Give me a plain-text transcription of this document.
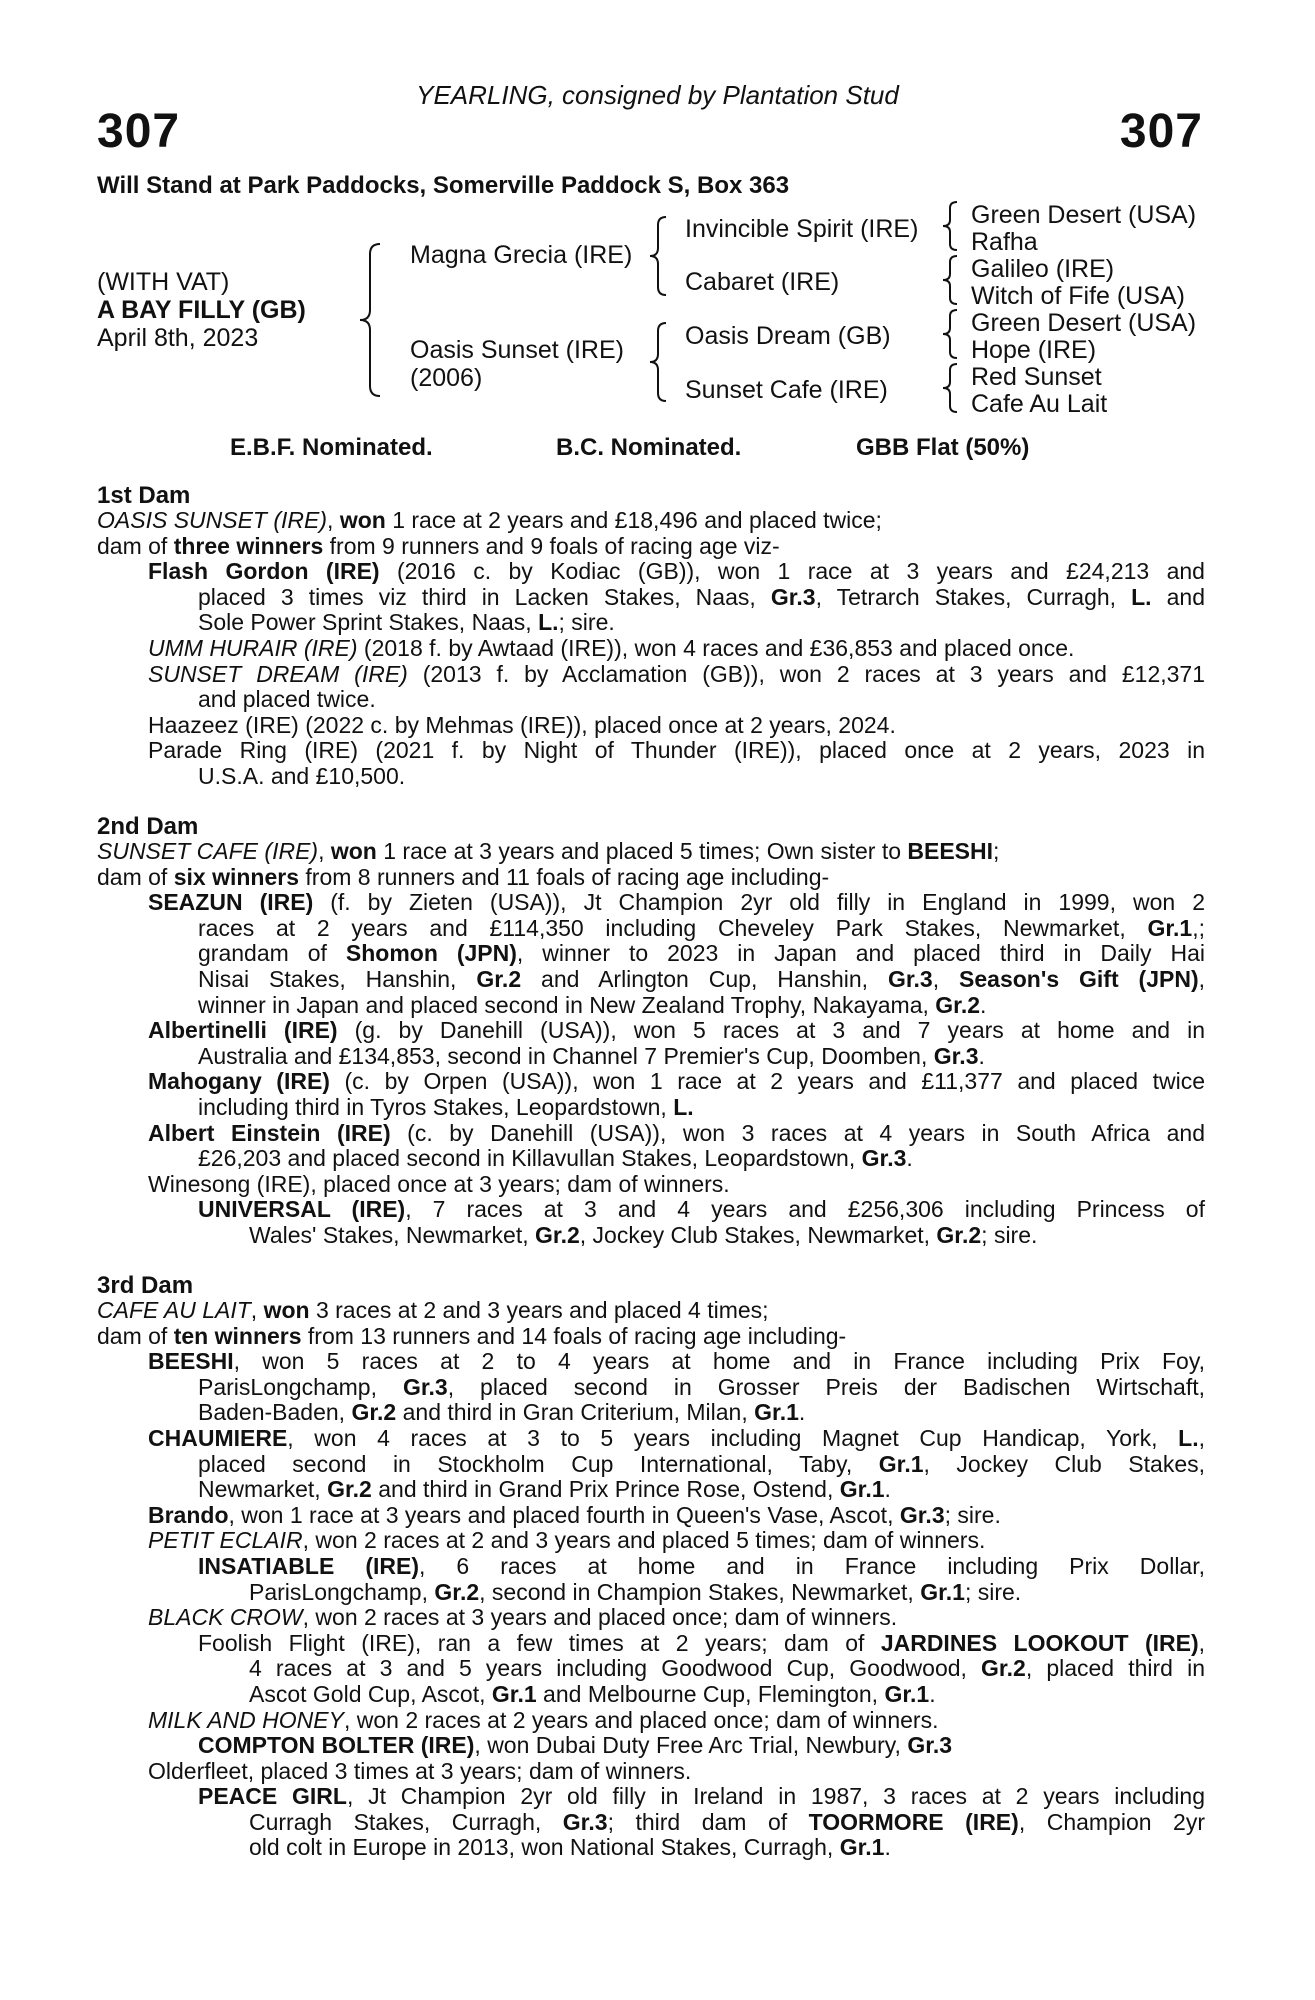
YEARLING, consigned by Plantation Stud
307	307
Will Stand at Park Paddocks, Somerville Paddock S, Box 363
(WITH VAT)
A BAY FILLY (GB)
April 8th, 2023
Magna Grecia (IRE)
Oasis Sunset (IRE)
(2006)
Invincible Spirit (IRE)
Cabaret (IRE)
Oasis Dream (GB)
Sunset Cafe (IRE)
Green Desert (USA)
Rafha
Galileo (IRE)
Witch of Fife (USA)
Green Desert (USA)
Hope (IRE)
Red Sunset
Cafe Au Lait
E.B.F. Nominated.	B.C. Nominated.	GBB Flat (50%)
1st Dam
OASIS SUNSET (IRE), won 1 race at 2 years and £18,496 and placed twice;
dam of three winners from 9 runners and 9 foals of racing age viz-
Flash Gordon (IRE) (2016 c. by Kodiac (GB)), won 1 race at 3 years and £24,213 and
placed 3 times viz third in Lacken Stakes, Naas, Gr.3, Tetrarch Stakes, Curragh, L. and
Sole Power Sprint Stakes, Naas, L.; sire.
UMM HURAIR (IRE) (2018 f. by Awtaad (IRE)), won 4 races and £36,853 and placed once.
SUNSET DREAM (IRE) (2013 f. by Acclamation (GB)), won 2 races at 3 years and £12,371
and placed twice.
Haazeez (IRE) (2022 c. by Mehmas (IRE)), placed once at 2 years, 2024.
Parade Ring (IRE) (2021 f. by Night of Thunder (IRE)), placed once at 2 years, 2023 in
U.S.A. and £10,500.
2nd Dam
SUNSET CAFE (IRE), won 1 race at 3 years and placed 5 times; Own sister to BEESHI;
dam of six winners from 8 runners and 11 foals of racing age including-
SEAZUN (IRE) (f. by Zieten (USA)), Jt Champion 2yr old filly in England in 1999, won 2
races at 2 years and £114,350 including Cheveley Park Stakes, Newmarket, Gr.1,;
grandam of Shomon (JPN), winner to 2023 in Japan and placed third in Daily Hai
Nisai Stakes, Hanshin, Gr.2 and Arlington Cup, Hanshin, Gr.3, Season's Gift (JPN),
winner in Japan and placed second in New Zealand Trophy, Nakayama, Gr.2.
Albertinelli (IRE) (g. by Danehill (USA)), won 5 races at 3 and 7 years at home and in
Australia and £134,853, second in Channel 7 Premier's Cup, Doomben, Gr.3.
Mahogany (IRE) (c. by Orpen (USA)), won 1 race at 2 years and £11,377 and placed twice
including third in Tyros Stakes, Leopardstown, L.
Albert Einstein (IRE) (c. by Danehill (USA)), won 3 races at 4 years in South Africa and
£26,203 and placed second in Killavullan Stakes, Leopardstown, Gr.3.
Winesong (IRE), placed once at 3 years; dam of winners.
UNIVERSAL (IRE), 7 races at 3 and 4 years and £256,306 including Princess of
Wales' Stakes, Newmarket, Gr.2, Jockey Club Stakes, Newmarket, Gr.2; sire.
3rd Dam
CAFE AU LAIT, won 3 races at 2 and 3 years and placed 4 times;
dam of ten winners from 13 runners and 14 foals of racing age including-
BEESHI, won 5 races at 2 to 4 years at home and in France including Prix Foy,
ParisLongchamp, Gr.3, placed second in Grosser Preis der Badischen Wirtschaft,
Baden-Baden, Gr.2 and third in Gran Criterium, Milan, Gr.1.
CHAUMIERE, won 4 races at 3 to 5 years including Magnet Cup Handicap, York, L.,
placed second in Stockholm Cup International, Taby, Gr.1, Jockey Club Stakes,
Newmarket, Gr.2 and third in Grand Prix Prince Rose, Ostend, Gr.1.
Brando, won 1 race at 3 years and placed fourth in Queen's Vase, Ascot, Gr.3; sire.
PETIT ECLAIR, won 2 races at 2 and 3 years and placed 5 times; dam of winners.
INSATIABLE (IRE), 6 races at home and in France including Prix Dollar,
ParisLongchamp, Gr.2, second in Champion Stakes, Newmarket, Gr.1; sire.
BLACK CROW, won 2 races at 3 years and placed once; dam of winners.
Foolish Flight (IRE), ran a few times at 2 years; dam of JARDINES LOOKOUT (IRE),
4 races at 3 and 5 years including Goodwood Cup, Goodwood, Gr.2, placed third in
Ascot Gold Cup, Ascot, Gr.1 and Melbourne Cup, Flemington, Gr.1.
MILK AND HONEY, won 2 races at 2 years and placed once; dam of winners.
COMPTON BOLTER (IRE), won Dubai Duty Free Arc Trial, Newbury, Gr.3
Olderfleet, placed 3 times at 3 years; dam of winners.
PEACE GIRL, Jt Champion 2yr old filly in Ireland in 1987, 3 races at 2 years including
Curragh Stakes, Curragh, Gr.3; third dam of TOORMORE (IRE), Champion 2yr
old colt in Europe in 2013, won National Stakes, Curragh, Gr.1.
